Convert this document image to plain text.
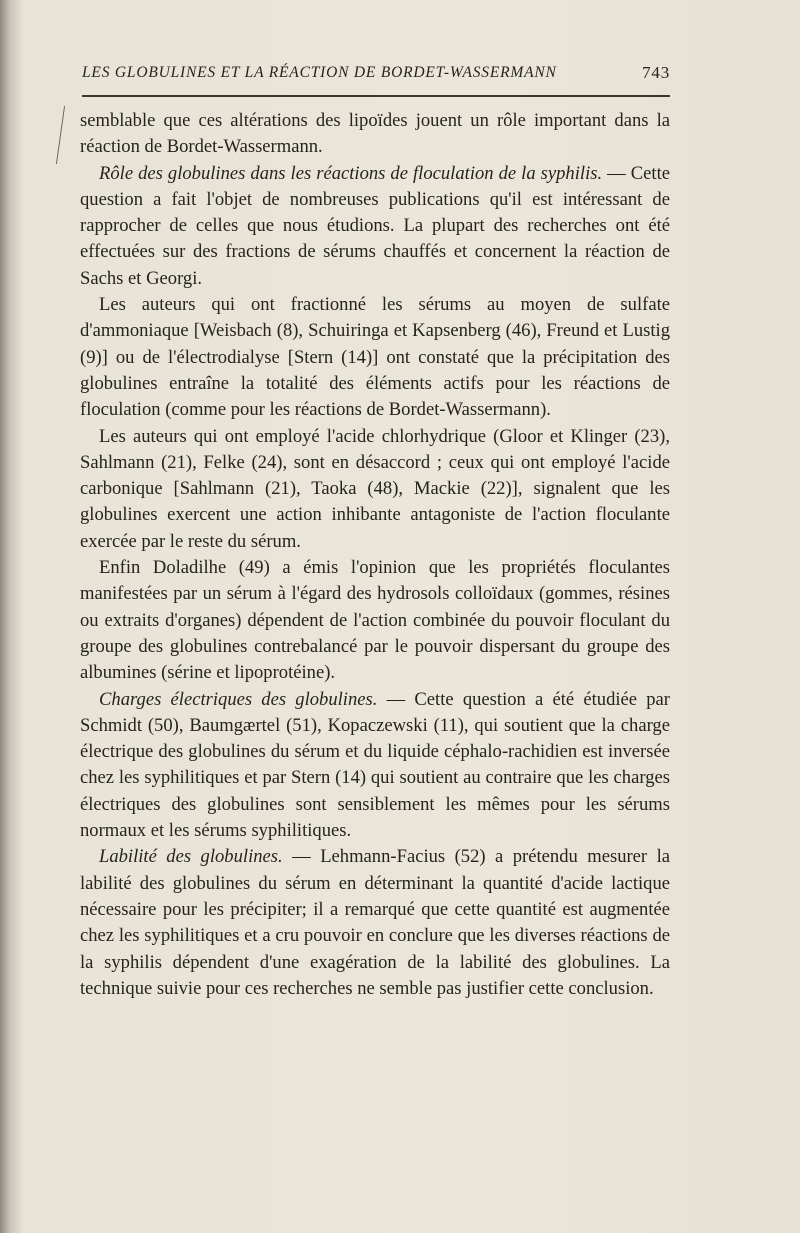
LES GLOBULINES ET LA RÉACTION DE BORDET-WASSERMANN	743

semblable que ces altérations des lipoïdes jouent un rôle important dans la réaction de Bordet-Wassermann.

Rôle des globulines dans les réactions de floculation de la syphilis. — Cette question a fait l'objet de nombreuses publications qu'il est intéressant de rapprocher de celles que nous étudions. La plupart des recherches ont été effectuées sur des fractions de sérums chauffés et concernent la réaction de Sachs et Georgi.

Les auteurs qui ont fractionné les sérums au moyen de sulfate d'ammoniaque [Weisbach (8), Schuiringa et Kapsenberg (46), Freund et Lustig (9)] ou de l'électrodialyse [Stern (14)] ont constaté que la précipitation des globulines entraîne la totalité des éléments actifs pour les réactions de floculation (comme pour les réactions de Bordet-Wassermann).

Les auteurs qui ont employé l'acide chlorhydrique (Gloor et Klinger (23), Sahlmann (21), Felke (24), sont en désaccord ; ceux qui ont employé l'acide carbonique [Sahlmann (21), Taoka (48), Mackie (22)], signalent que les globulines exercent une action inhibante antagoniste de l'action floculante exercée par le reste du sérum.

Enfin Doladilhe (49) a émis l'opinion que les propriétés floculantes manifestées par un sérum à l'égard des hydrosols colloïdaux (gommes, résines ou extraits d'organes) dépendent de l'action combinée du pouvoir floculant du groupe des globulines contrebalancé par le pouvoir dispersant du groupe des albumines (sérine et lipoprotéine).

Charges électriques des globulines. — Cette question a été étudiée par Schmidt (50), Baumgærtel (51), Kopaczewski (11), qui soutient que la charge électrique des globulines du sérum et du liquide céphalo-rachidien est inversée chez les syphilitiques et par Stern (14) qui soutient au contraire que les charges électriques des globulines sont sensiblement les mêmes pour les sérums normaux et les sérums syphilitiques.

Labilité des globulines. — Lehmann-Facius (52) a prétendu mesurer la labilité des globulines du sérum en déterminant la quantité d'acide lactique nécessaire pour les précipiter; il a remarqué que cette quantité est augmentée chez les syphilitiques et a cru pouvoir en conclure que les diverses réactions de la syphilis dépendent d'une exagération de la labilité des globulines. La technique suivie pour ces recherches ne semble pas justifier cette conclusion.
